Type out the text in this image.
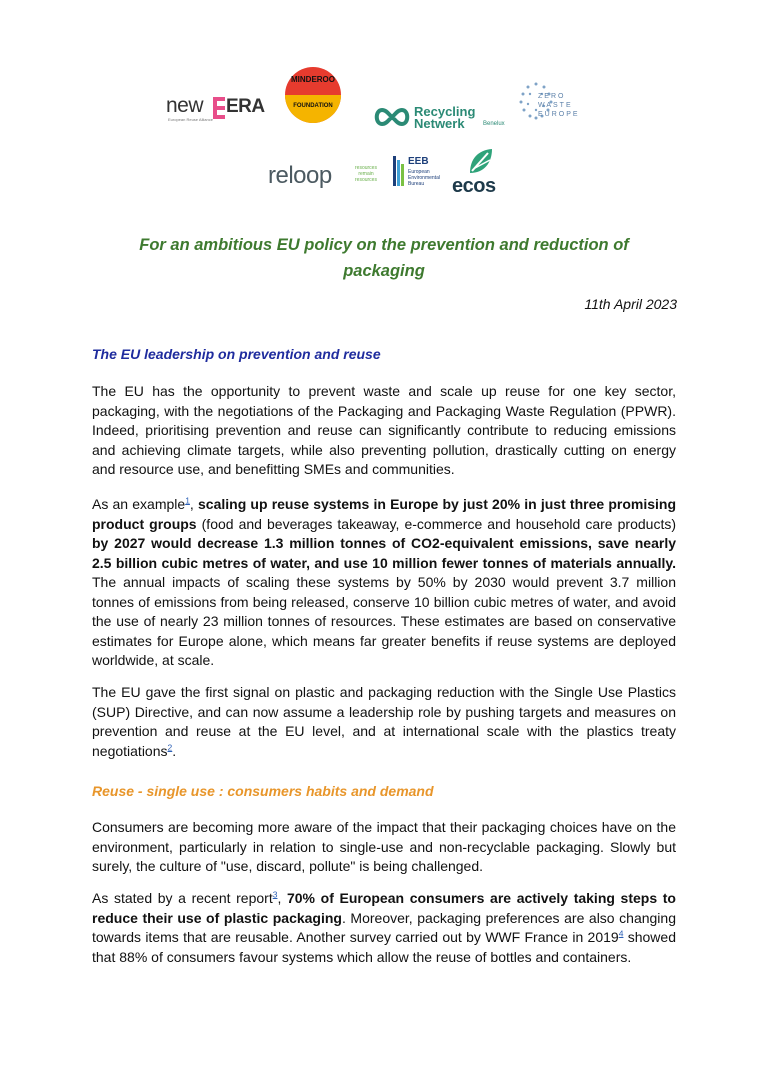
new ERA
European Reuse Alliance
MINDEROO
FOUNDATION	Recycling
Netwerk	Benelux
ZERO
WASTE
EUROPE
reloop	resources
remain
resources
EEB
European
Environmental
Bureau	ecos
For an ambitious EU policy on the prevention and reduction of
packaging
11th April 2023
The EU leadership on prevention and reuse

The EU has the opportunity to prevent waste and scale up reuse for one key sector, packaging, with the negotiations of the Packaging and Packaging Waste Regulation (PPWR). Indeed, prioritising prevention and reuse can significantly contribute to reducing emissions and achieving climate targets, while also preventing pollution, drastically cutting on energy and resource use, and benefitting SMEs and communities.

As an example$^1$, scaling up reuse systems in Europe by just 20% in just three promising product groups (food and beverages takeaway, e-commerce and household care products) by 2027 would decrease 1.3 million tonnes of CO2-equivalent emissions, save nearly 2.5 billion cubic metres of water, and use 10 million fewer tonnes of materials annually. The annual impacts of scaling these systems by 50% by 2030 would prevent 3.7 million tonnes of emissions from being released, conserve 10 billion cubic metres of water, and avoid the use of nearly 23 million tonnes of resources. These estimates are based on conservative estimates for Europe alone, which means far greater benefits if reuse systems are deployed worldwide, at scale.

The EU gave the first signal on plastic and packaging reduction with the Single Use Plastics (SUP) Directive, and can now assume a leadership role by pushing targets and measures on prevention and reuse at the EU level, and at international scale with the plastics treaty negotiations$^2$.

Reuse - single use : consumers habits and demand

Consumers are becoming more aware of the impact that their packaging choices have on the environment, particularly in relation to single-use and non-recyclable packaging. Slowly but surely, the culture of "use, discard, pollute" is being challenged.

As stated by a recent report$^3$, 70% of European consumers are actively taking steps to reduce their use of plastic packaging. Moreover, packaging preferences are also changing towards items that are reusable. Another survey carried out by WWF France in 2019$^4$ showed that 88% of consumers favour systems which allow the reuse of bottles and containers.
